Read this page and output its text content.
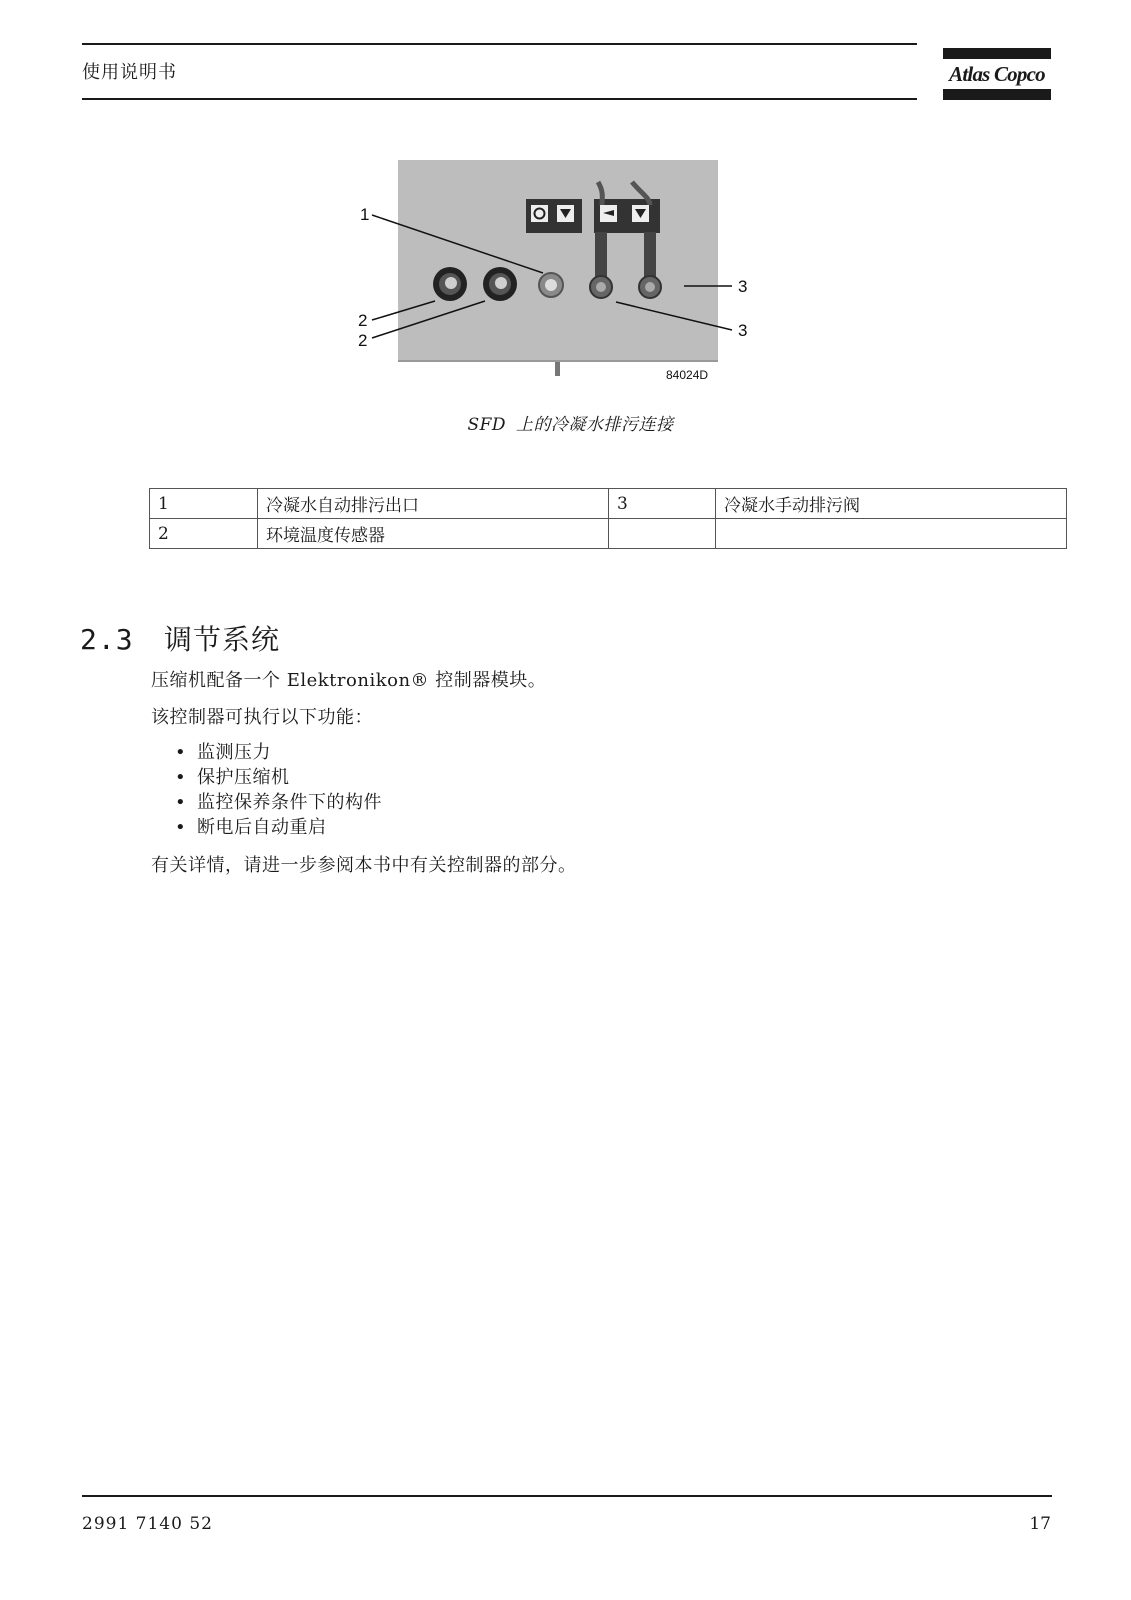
使用说明书	Atlas Copco
1
2
2
3
3
84024D
SFD 上的冷凝水排污连接
1	冷凝水自动排污出口	3	冷凝水手动排污阀
2	环境温度传感器		
2.3 调节系统
压缩机配备一个 Elektronikon® 控制器模块。
该控制器可执行以下功能：
• 监测压力
• 保护压缩机
• 监控保养条件下的构件
• 断电后自动重启
有关详情，请进一步参阅本书中有关控制器的部分。
2991 7140 52	17
